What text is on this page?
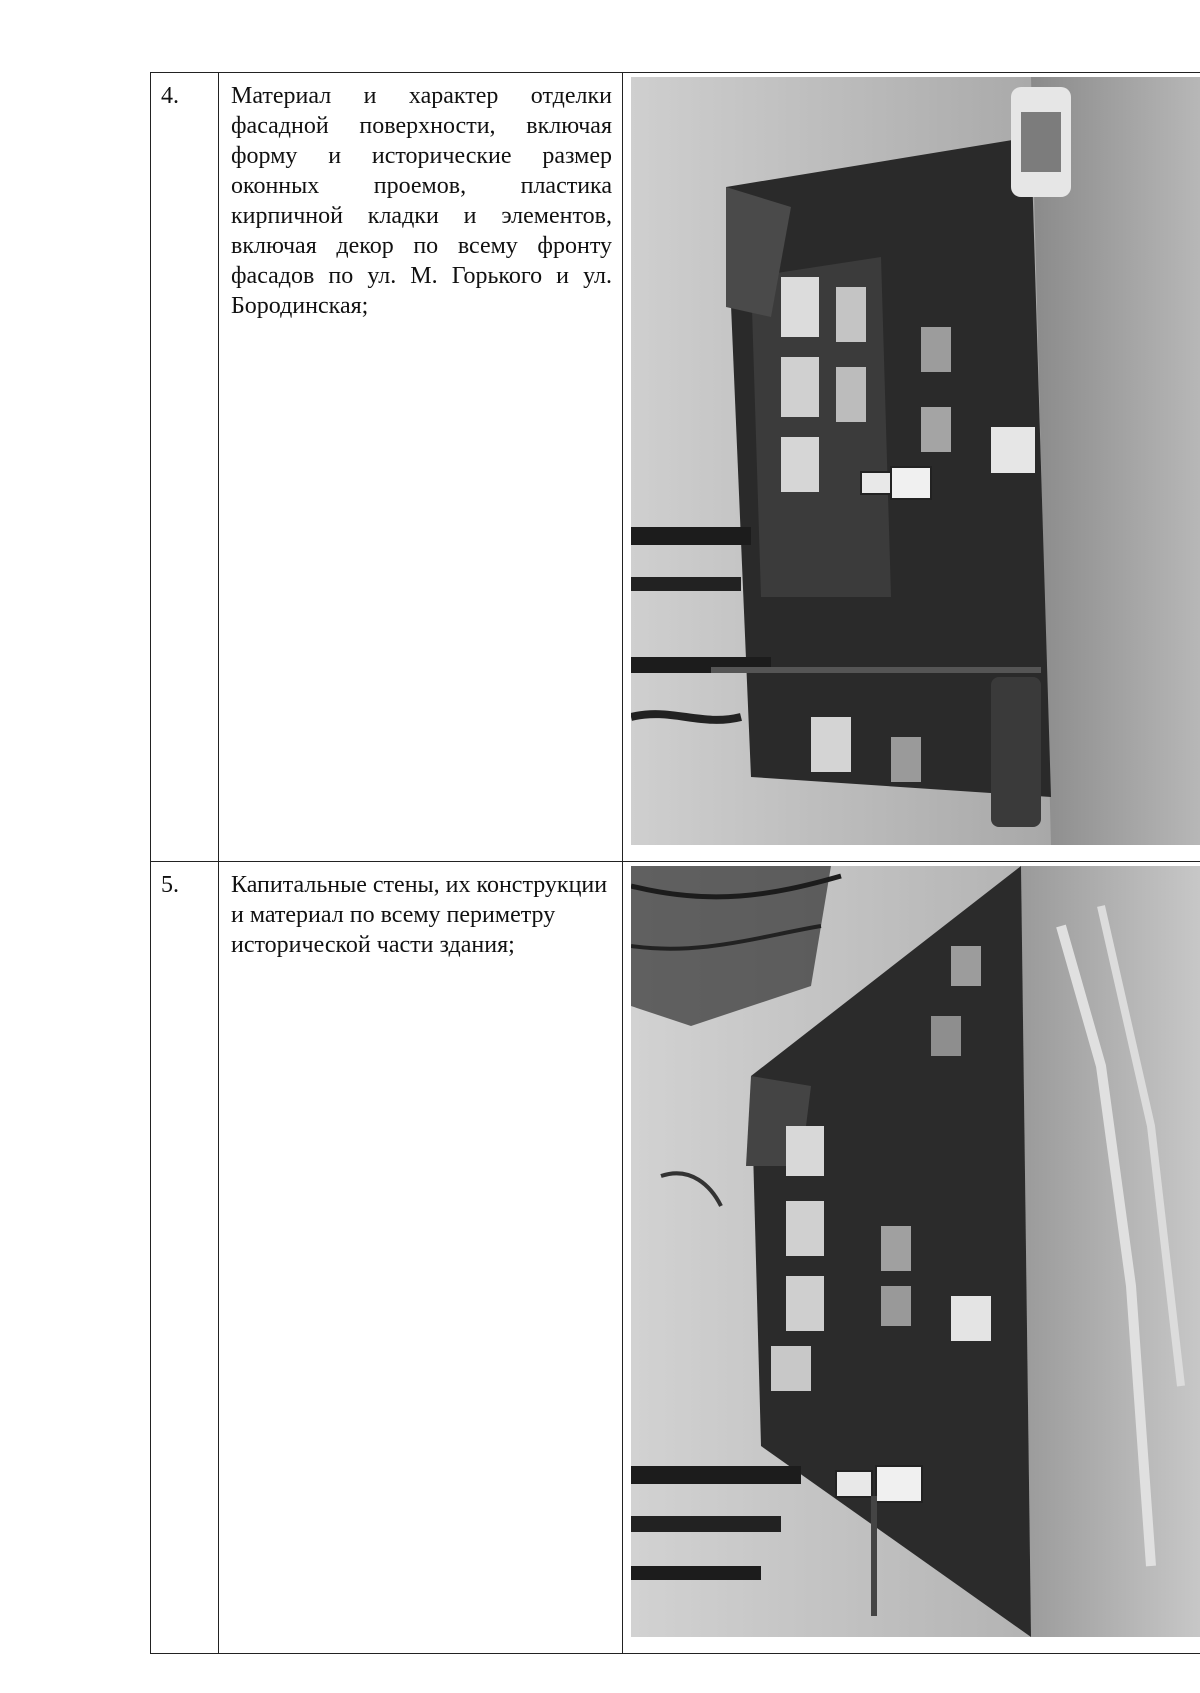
4.	Материал и характер отделки фасадной поверхности, включая форму и исторические размер оконных проемов, пластика кирпичной кладки и элементов, включая декор по всему фронту фасадов по ул. М. Горького и ул. Бородинская;

5.	Капитальные стены, их конструкции и материал по всему периметру исторической части здания;	
